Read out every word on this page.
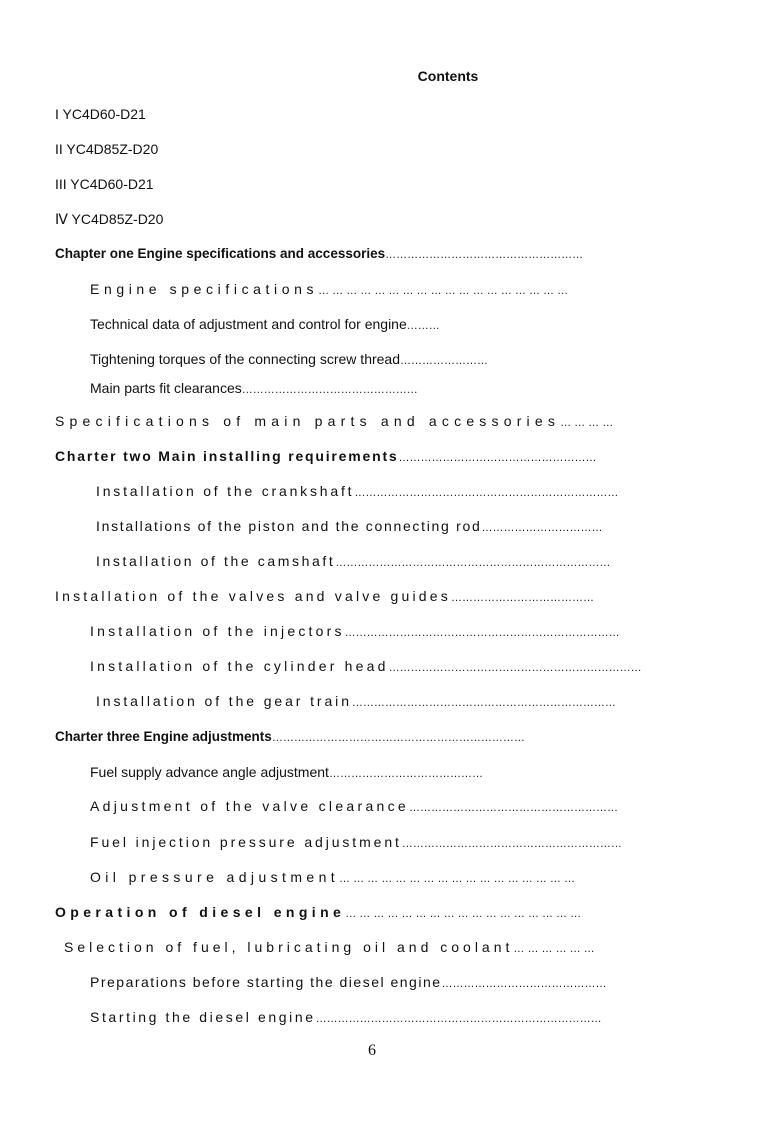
Contents
I YC4D60-D21
II YC4D85Z-D20
III YC4D60-D21
Ⅳ YC4D85Z-D20
Chapter one Engine specifications and accessories………………………………………………
Engine specifications… … … … … … … … … … … … … … … … … …
Technical data of adjustment and control for engine………
Tightening torques of the connecting screw thread……………………
Main parts fit clearances…………………………………………
Specifications of main parts and accessories… … … …
Charter two Main installing requirements………………………………………………
Installation of the crankshaft………………………………………………………………
Installations of the piston and the connecting rod……………………………
Installation of the camshaft…………………………………………………………………
Installation of the valves and valve guides…………………………………
Installation of the injectors…………………………………………………………………
Installation of the cylinder head……………………………………………………………
Installation of the gear train………………………………………………………………
Charter three Engine adjustments……………………………………………………………
Fuel supply advance angle adjustment……………………………………
Adjustment of the valve clearance…………………………………………………
Fuel injection pressure adjustment……………………………………………………
Oil pressure adjustment… … … … … … … … … … … … … … … … …
Operation of diesel engine… … … … … … … … … … … … … … … … …
Selection of fuel, lubricating oil and coolant… … … … … …
Preparations before starting the diesel engine………………………………………
Starting the diesel engine……………………………………………………………………
6
